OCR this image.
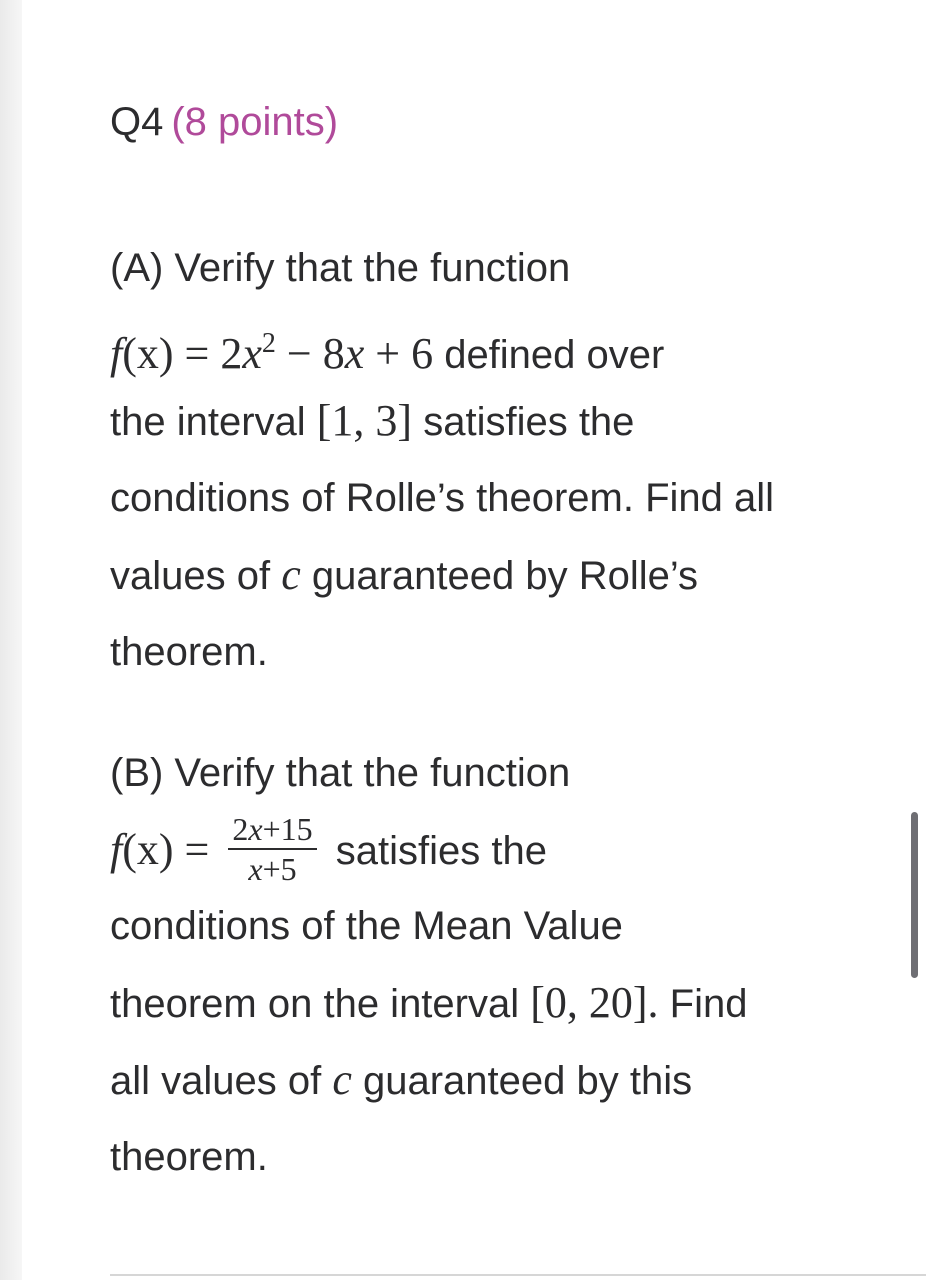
Q4 (8 points)
(A) Verify that the function
$f(x) = 2x^2 - 8x + 6$ defined over
the interval [1, 3] satisfies the
conditions of Rolle’s theorem. Find all
values of c guaranteed by Rolle’s
theorem.
(B) Verify that the function
$f(x) = \frac{2x+15}{x+5}$ satisfies the
conditions of the Mean Value
theorem on the interval [0, 20]. Find
all values of c guaranteed by this
theorem.
